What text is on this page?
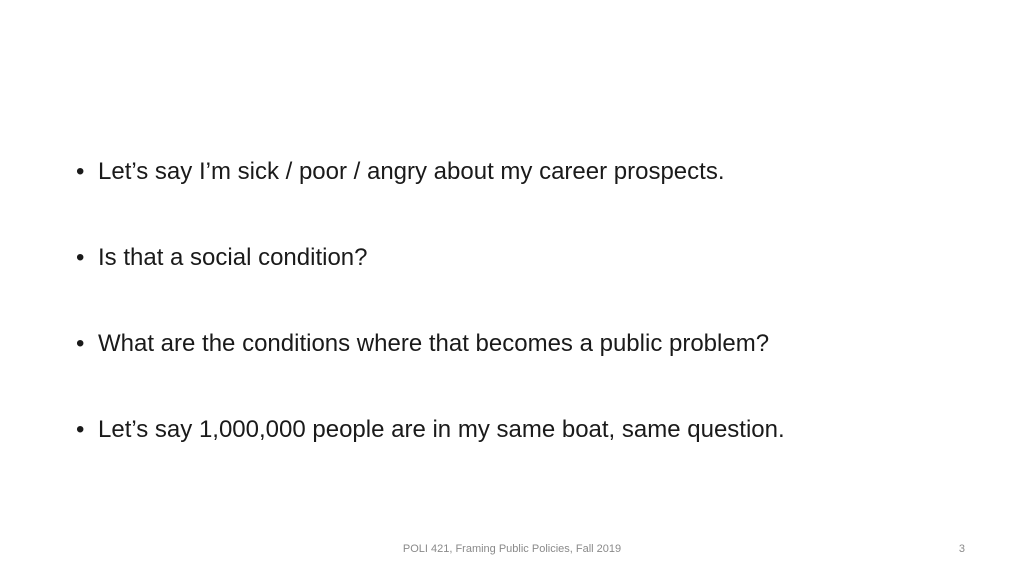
• Let’s say I’m sick / poor / angry about my career prospects.
• Is that a social condition?
• What are the conditions where that becomes a public problem?
• Let’s say 1,000,000 people are in my same boat, same question.
POLI 421, Framing Public Policies, Fall 2019	3
